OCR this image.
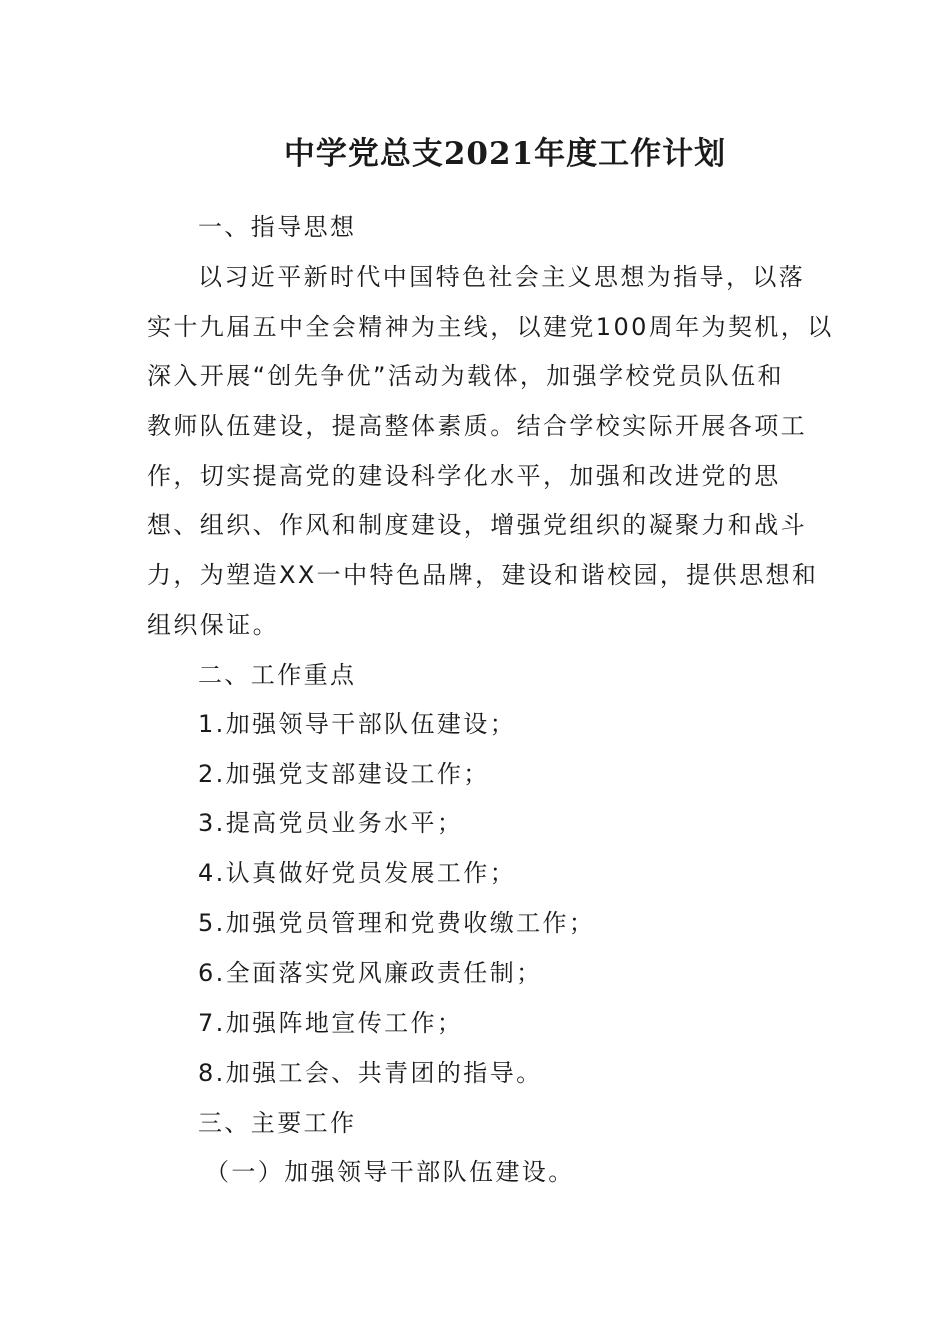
中学党总支2021年度工作计划
一、指导思想
以习近平新时代中国特色社会主义思想为指导，以落
实十九届五中全会精神为主线，以建党100周年为契机，以
深入开展“创先争优”活动为载体，加强学校党员队伍和
教师队伍建设，提高整体素质。结合学校实际开展各项工
作，切实提高党的建设科学化水平，加强和改进党的思
想、组织、作风和制度建设，增强党组织的凝聚力和战斗
力，为塑造XX一中特色品牌，建设和谐校园，提供思想和
组织保证。
二、工作重点
1.加强领导干部队伍建设；
2.加强党支部建设工作；
3.提高党员业务水平；
4.认真做好党员发展工作；
5.加强党员管理和党费收缴工作；
6.全面落实党风廉政责任制；
7.加强阵地宣传工作；
8.加强工会、共青团的指导。
三、主要工作
（一）加强领导干部队伍建设。
